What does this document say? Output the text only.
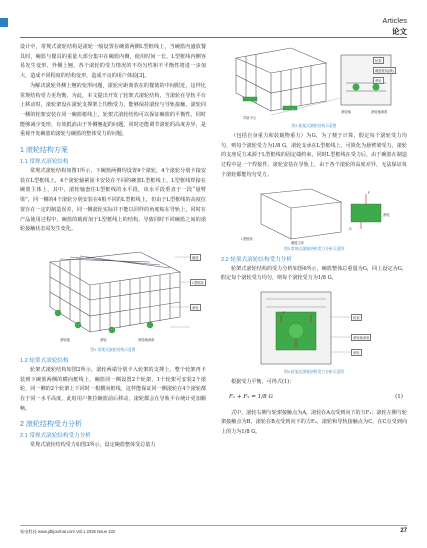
Articles
论文

设计中，常规式滚轮结构是滚轮一般设置在碗篮两侧L型框线上，当碗篮内盛放餐具时，碗篮与餐具的重量大部分集中在碗篮内侧，使用时间一长，L型框线内侧容易发生变形、外侧上翘，各个滚轮的受力情况的不均匀性和不平衡性将进一步加大，造成不同程度的结构变形，造成不良的用户体验[3]。

为解决滚轮外侧上翘的变形问题，滚轮应距离放在的餐篮的中间附近，这样比常规结构受力更均衡，为此，本文提出开发了轮架式滚轮结构，当滚轮在导轨平台上移动时，滚轮架设在滚轮支撑架上均衡受力，能够保持滚轮与导轨接触，滚轮同一侧的轮架安装在同一碗篮框线上，轮架式滚轮结构可以保证碗篮的平衡性，同时能够减少变形，有效抵消由于外侧翘起的问题，同时还能调节滚轮的高度差异，是重视开发碗篮的滚轮与碗篮的整体受力的问题。

1 滚轮结构方案
1.1 常规式滚轮结构

常规式滚轮结构如图1所示，下碗篮两侧均设置4个滚轮，4个滚轮分别卡接安装在L型框线上，4个滚轮轴紧固卡安装在不同的碗篮L型框线上，L型框线焊接在碗篮主体上，其中，滚轮轴套住L型框线的水平段，该水平段垂直于一段“悬臂梁”，同一侧的4个滚轮分别安装在4根不同的L型框线上，但由于L型框线的高度位置存在一定的制造误差，同一侧滚轮实际并不能以同样的角度贴在导轨上，同时在产品使用过程中，碗篮的载荷加于L型框线上的结构，导致同时不同碗篮之间的滚轮接触状态易发生变化。

碗篮
L型框线
滚轮
滚轮轴	滚轮	滚轮轴承座
图1 常规式滚轮结构示意图
1.2 轮架式滚轮结构

轮架式滚轮结构如图2所示，滚轮两端分别卡入轮架的支撑上，整个轮架再卡装到下碗篮两侧的横向框线上，碗篮同一侧设置2个轮架，1个轮架可安装2个滚轮，同一侧的2个轮架上下同时一根横向框线，这样能保证同一侧滚轮在4个滚轮都在于同一水平高度，此时用户推拉碗篮前后移动，滚轮都会在导轨平台统计更加顺畅。

2 滚轮结构受力分析
2.1 常规式滚轮结构受力分析

常规式滚轮结构受力如图3所示，设定碗篮整体受总量力

轮架
碗篮框线(横)
滚轮
导轨平台
滚轮轴	滚轮轴承座
图2 轮架式滚轮结构示意图

（包括自身重力和装载物重力）为G，为了便于计算，假定每个滚轮受力均匀，则每个滚轮受力为1/8 G，滚轮支承在L型框线上，可简化为悬臂梁受力，滚轮的支座反力来源于L型框线的固定端约束，同时L型框线在受力后，由于碗篮在制造过程中是一个焊接件，滚轮安装在导轨上，由于各个滚轮的高度差异，无法保证每个滚轮都能均匀受力。

F
G
L型框线
碗篮主体
滚轮
图3 常规式滚轮结构受力分析示意图
2.2 轮架式滚轮结构受力分析

轮架式滚轮结构的受力分析如图4所示，碗篮整体总重量为G，同上设定为G，假定每个滚轮受力均匀，则每个滚轮受力为1/8 G。

F
轮架
滚轮轴承座
滚轮
图4 轮架式滚轮结构受力分析示意图

根据受力平衡，可得式(1)：

F₁ + F₂ = 1/8 G	(1)

式中，滚轮右侧与轮架接触点为A，滚轮在A点受到向下的力F₁；滚轮左侧与轮架接触点为B，滚轮在B点受到向下的力F₂，滚轮和导轨接触点为C，在C点受到向上的力为1/8 G。

家电科技 www.jdkjournal.com Vol.1 2025 Issue 432	27
